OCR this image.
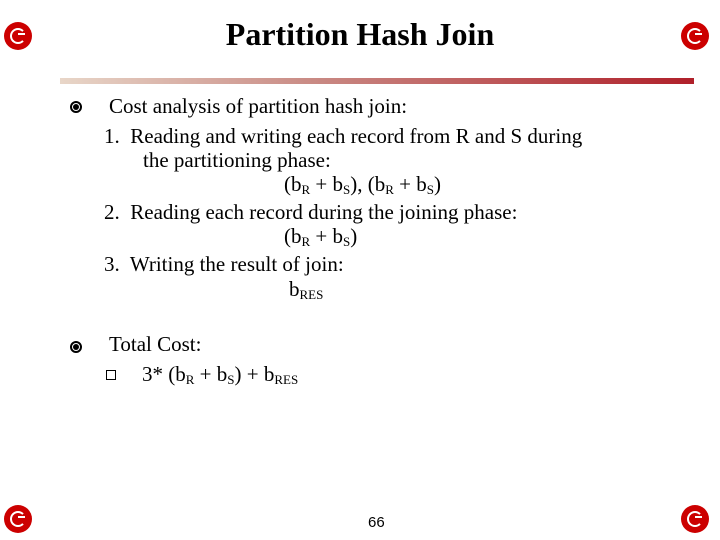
Partition Hash Join
Cost analysis of partition hash join:
1. Reading and writing each record from R and S during
the partitioning phase:
$(b_R + b_S)$, $(b_R + b_S)$
2. Reading each record during the joining phase:
$(b_R + b_S)$
3. Writing the result of join:
$b_{RES}$
Total Cost:
3* $(b_R + b_S) + b_{RES}$
66
